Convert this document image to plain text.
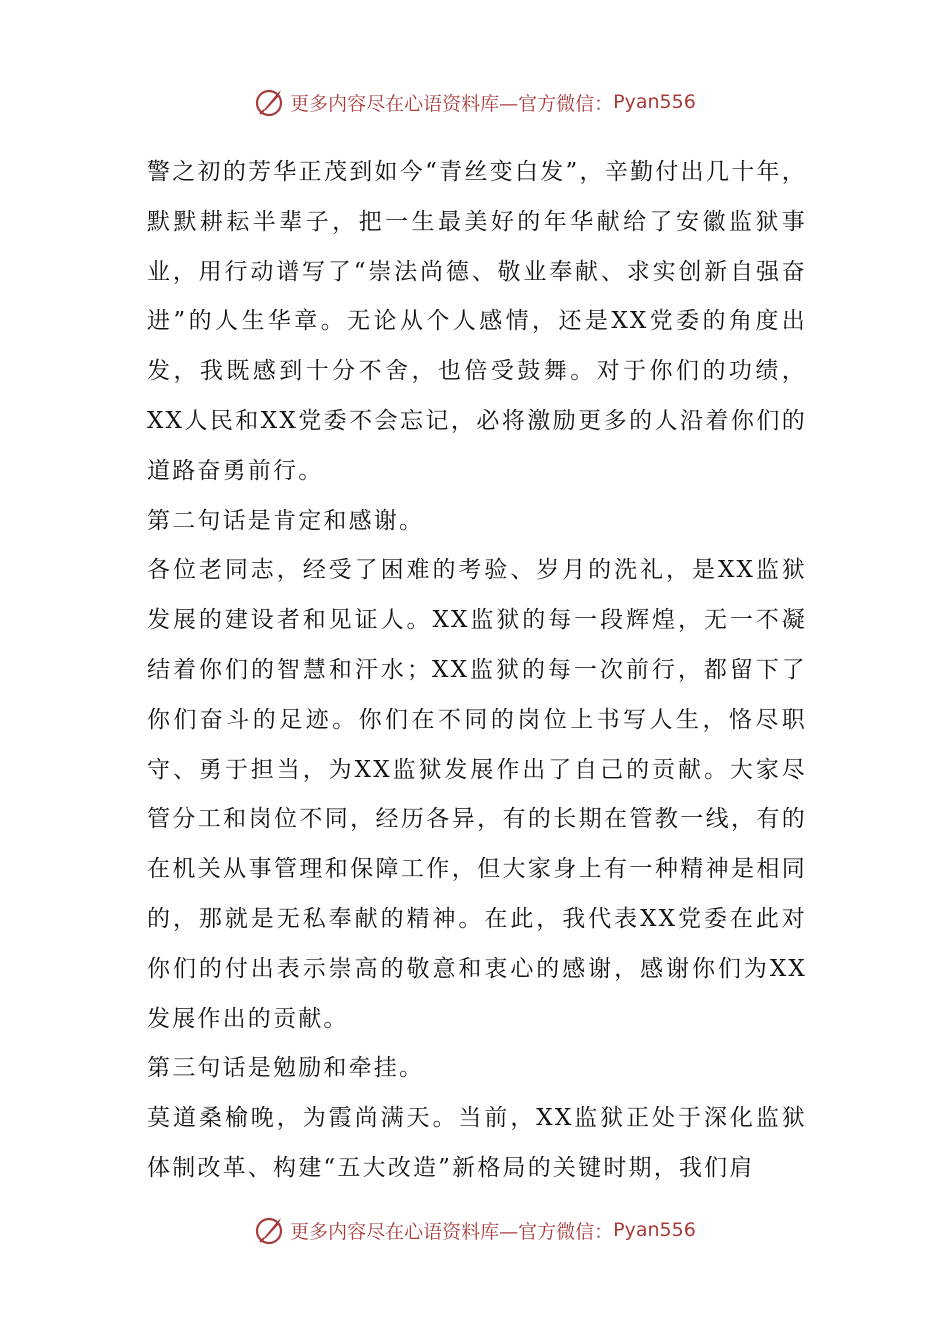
更多内容尽在心语资料库—官方微信： Pyan556

警之初的芳华正茂到如今“青丝变白发”，辛勤付出几十年，默默耕耘半辈子，把一生最美好的年华献给了安徽监狱事业，用行动谱写了“崇法尚德、敬业奉献、求实创新自强奋进”的人生华章。无论从个人感情，还是XX党委的角度出发，我既感到十分不舍，也倍受鼓舞。对于你们的功绩，XX人民和XX党委不会忘记，必将激励更多的人沿着你们的道路奋勇前行。

第二句话是肯定和感谢。

各位老同志，经受了困难的考验、岁月的洗礼，是XX监狱发展的建设者和见证人。XX监狱的每一段辉煌，无一不凝结着你们的智慧和汗水；XX监狱的每一次前行，都留下了你们奋斗的足迹。你们在不同的岗位上书写人生，恪尽职守、勇于担当，为XX监狱发展作出了自己的贡献。大家尽管分工和岗位不同，经历各异，有的长期在管教一线，有的在机关从事管理和保障工作，但大家身上有一种精神是相同的，那就是无私奉献的精神。在此，我代表XX党委在此对你们的付出表示崇高的敬意和衷心的感谢，感谢你们为XX发展作出的贡献。

第三句话是勉励和牵挂。

莫道桑榆晚，为霞尚满天。当前，XX监狱正处于深化监狱体制改革、构建“五大改造”新格局的关键时期，我们肩

更多内容尽在心语资料库—官方微信： Pyan556
